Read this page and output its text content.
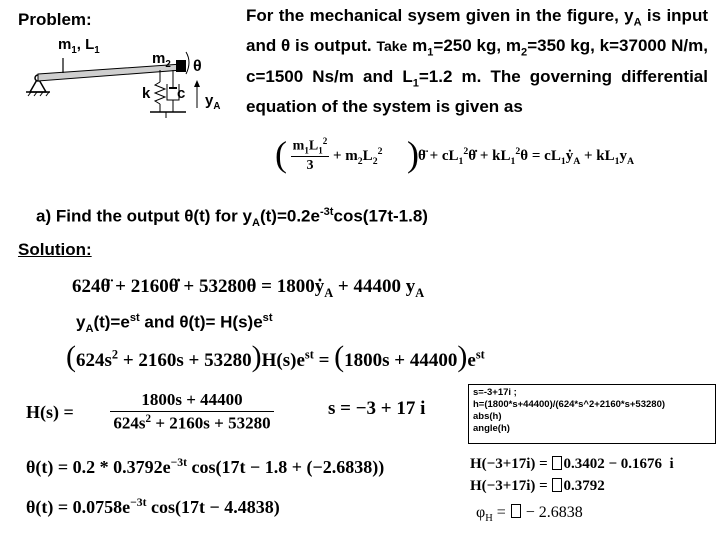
Problem:
$m_1$, $L_1$	$m_2$ θ
k c $y_A$
For the mechanical sysem given in the figure, $y_A$ is input and θ is output. Take $m_1=250$ kg, $m_2=350$ kg, k=37000 N/m, c=1500 Ns/m and $L_1=1.2$ m. The governing differential equation of the system is given as
( $m_1L_1^2$
3
+ $m_2L_2^2$ ) θ̈ + $cL_1^2\thetȧ + kL_1^2\theta$ = $cL_1ẏ_A + kL_1y_A$
a) Find the output θ(t) for $y_A(t)=0.2e^{-3t}\cos(17t-1.8)$
Solution:
624θ̈ + 2160θ̇ + 53280θ = 1800ẏ$_A$ + 44400 $y_A$
$y_A(t)=e^{st}$ and $\theta(t)= H(s)e^{st}$
$(624s^2 + 2160s + 53280)H(s)e^{st} = (1800s + 44400)e^{st}$
H(s) =
1800s + 44400
$624s^2 + 2160s + 53280$
s = −3 + 17 i
s=-3+17i ;
h=(1800*s+44400)/(624*s^2+2160*s+53280)
abs(h)
angle(h)
$\theta(t) = 0.2 * 0.3792e^{-3t}$ cos(17t − 1.8 + (−2.6838))
$\theta(t) = 0.0758e^{-3t}$ cos(17t − 4.4838)
H(−3+17i) = 0.3402 − 0.1676  i
H(−3+17i) = 0.3792
$\varphi_H$ =  − 2.6838
